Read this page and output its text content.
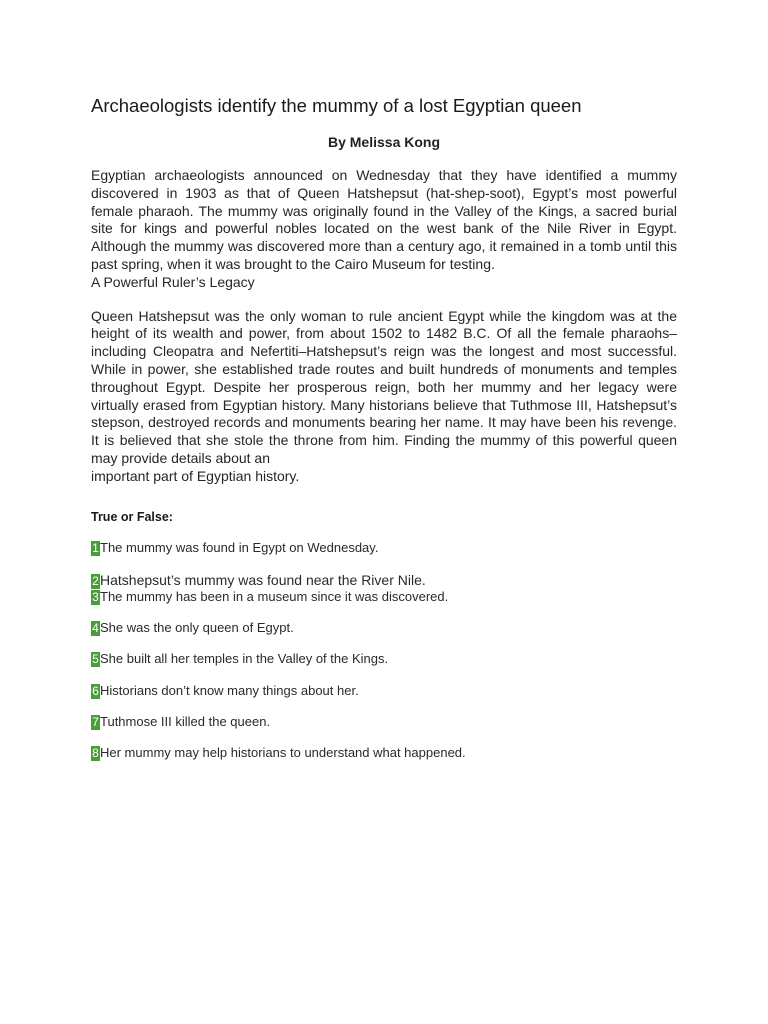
Archaeologists identify the mummy of a lost Egyptian queen
By Melissa Kong

Egyptian archaeologists announced on Wednesday that they have identified a mummy discovered in 1903 as that of Queen Hatshepsut (hat-shep-soot), Egypt’s most powerful female pharaoh. The mummy was originally found in the Valley of the Kings, a sacred burial site for kings and powerful nobles located on the west bank of the Nile River in Egypt. Although the mummy was discovered more than a century ago, it remained in a tomb until this past spring, when it was brought to the Cairo Museum for testing.
A Powerful Ruler’s Legacy

Queen Hatshepsut was the only woman to rule ancient Egypt while the kingdom was at the height of its wealth and power, from about 1502 to 1482 B.C. Of all the female pharaohs–including Cleopatra and Nefertiti–Hatshepsut’s reign was the longest and most successful. While in power, she established trade routes and built hundreds of monuments and temples throughout Egypt. Despite her prosperous reign, both her mummy and her legacy were virtually erased from Egyptian history. Many historians believe that Tuthmose III, Hatshepsut’s stepson, destroyed records and monuments bearing her name. It may have been his revenge. It is believed that she stole the throne from him. Finding the mummy of this powerful queen may provide details about an
important part of Egyptian history.

True or False:
1The mummy was found in Egypt on Wednesday.
2Hatshepsut’s mummy was found near the River Nile.
3The mummy has been in a museum since it was discovered.
4She was the only queen of Egypt.
5She built all her temples in the Valley of the Kings.
6Historians don’t know many things about her.
7Tuthmose III killed the queen.
8Her mummy may help historians to understand what happened.
